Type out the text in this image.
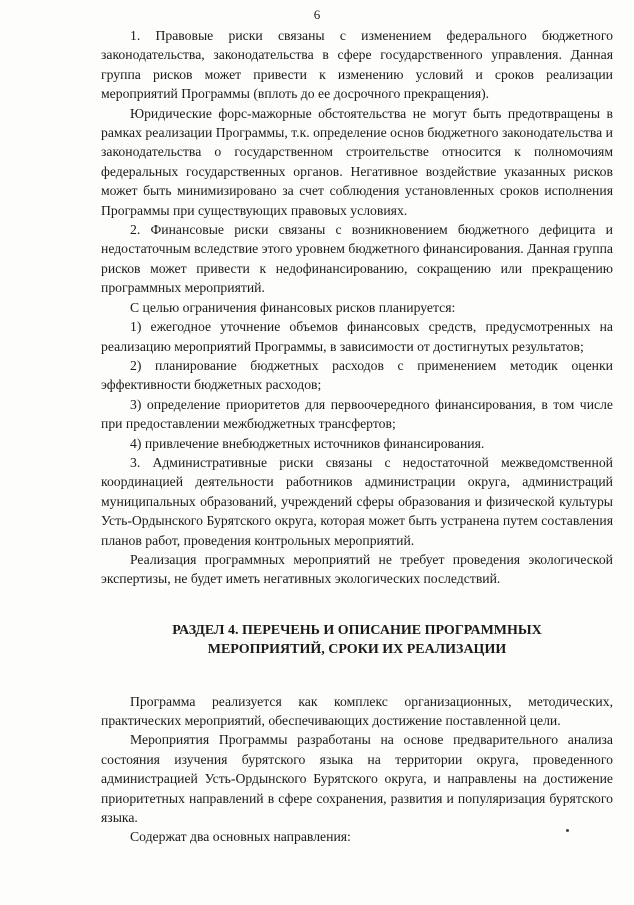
6

1. Правовые риски связаны с изменением федерального бюджетного законодательства, законодательства в сфере государственного управления. Данная группа рисков может привести к изменению условий и сроков реализации мероприятий Программы (вплоть до ее досрочного прекращения).

Юридические форс-мажорные обстоятельства не могут быть предотвращены в рамках реализации Программы, т.к. определение основ бюджетного законодательства и законодательства о государственном строительстве относится к полномочиям федеральных государственных органов. Негативное воздействие указанных рисков может быть минимизировано за счет соблюдения установленных сроков исполнения Программы при существующих правовых условиях.

2. Финансовые риски связаны с возникновением бюджетного дефицита и недостаточным вследствие этого уровнем бюджетного финансирования. Данная группа рисков может привести к недофинансированию, сокращению или прекращению программных мероприятий.

С целью ограничения финансовых рисков планируется:

1) ежегодное уточнение объемов финансовых средств, предусмотренных на реализацию мероприятий Программы, в зависимости от достигнутых результатов;

2) планирование бюджетных расходов с применением методик оценки эффективности бюджетных расходов;

3) определение приоритетов для первоочередного финансирования, в том числе при предоставлении межбюджетных трансфертов;

4) привлечение внебюджетных источников финансирования.

3. Административные риски связаны с недостаточной межведомственной координацией деятельности работников администрации округа, администраций муниципальных образований, учреждений сферы образования и физической культуры Усть-Ордынского Бурятского округа, которая может быть устранена путем составления планов работ, проведения контрольных мероприятий.

Реализация программных мероприятий не требует проведения экологической экспертизы, не будет иметь негативных экологических последствий.

РАЗДЕЛ 4. ПЕРЕЧЕНЬ И ОПИСАНИЕ ПРОГРАММНЫХ
МЕРОПРИЯТИЙ, СРОКИ ИХ РЕАЛИЗАЦИИ

Программа реализуется как комплекс организационных, методических, практических мероприятий, обеспечивающих достижение поставленной цели.

Мероприятия Программы разработаны на основе предварительного анализа состояния изучения бурятского языка на территории округа, проведенного администрацией Усть-Ордынского Бурятского округа, и направлены на достижение приоритетных направлений в сфере сохранения, развития и популяризация бурятского языка.

Содержат два основных направления:
